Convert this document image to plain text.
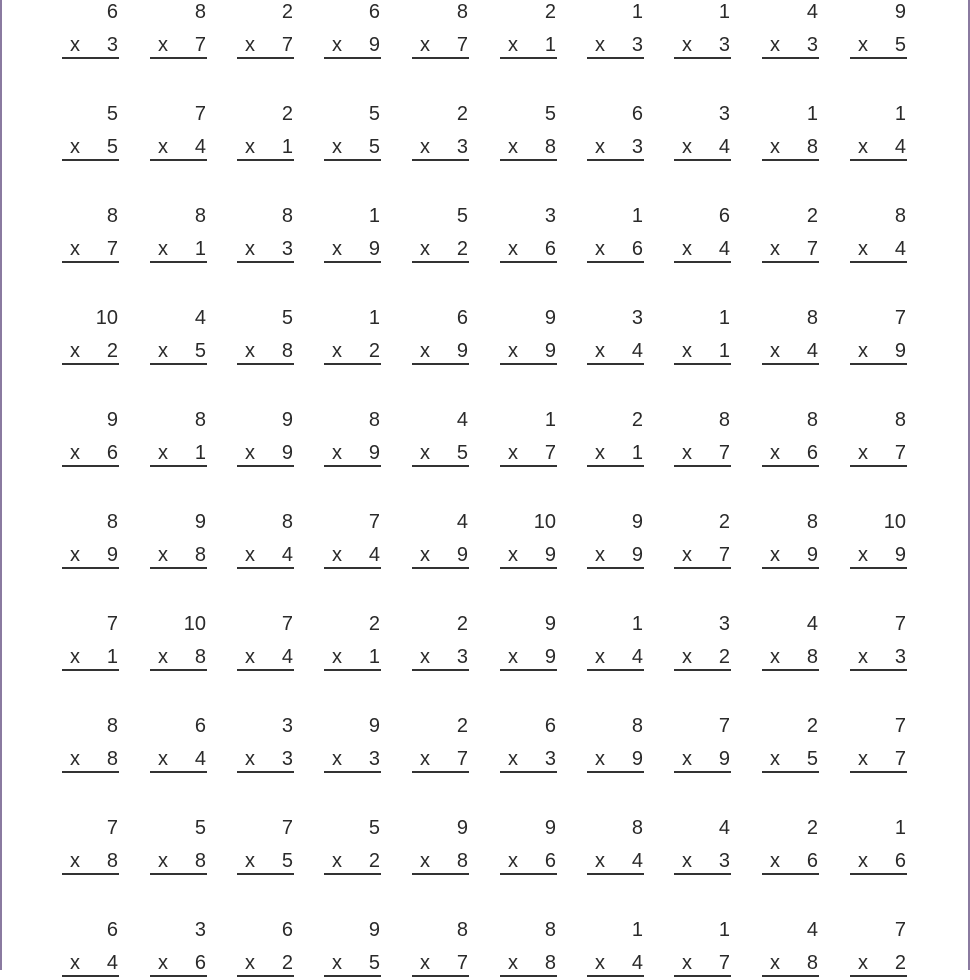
6
x 3
8
x 7
2
x 7
6
x 9
8
x 7
2
x 1
1
x 3
1
x 3
4
x 3
9
x 5
5
x 5
7
x 4
2
x 1
5
x 5
2
x 3
5
x 8
6
x 3
3
x 4
1
x 8
1
x 4
8
x 7
8
x 1
8
x 3
1
x 9
5
x 2
3
x 6
1
x 6
6
x 4
2
x 7
8
x 4
10
x 2
4
x 5
5
x 8
1
x 2
6
x 9
9
x 9
3
x 4
1
x 1
8
x 4
7
x 9
9
x 6
8
x 1
9
x 9
8
x 9
4
x 5
1
x 7
2
x 1
8
x 7
8
x 6
8
x 7
8
x 9
9
x 8
8
x 4
7
x 4
4
x 9
10
x 9
9
x 9
2
x 7
8
x 9
10
x 9
7
x 1
10
x 8
7
x 4
2
x 1
2
x 3
9
x 9
1
x 4
3
x 2
4
x 8
7
x 3
8
x 8
6
x 4
3
x 3
9
x 3
2
x 7
6
x 3
8
x 9
7
x 9
2
x 5
7
x 7
7
x 8
5
x 8
7
x 5
5
x 2
9
x 8
9
x 6
8
x 4
4
x 3
2
x 6
1
x 6
6
x 4
3
x 6
6
x 2
9
x 5
8
x 7
8
x 8
1
x 4
1
x 7
4
x 8
7
x 2
